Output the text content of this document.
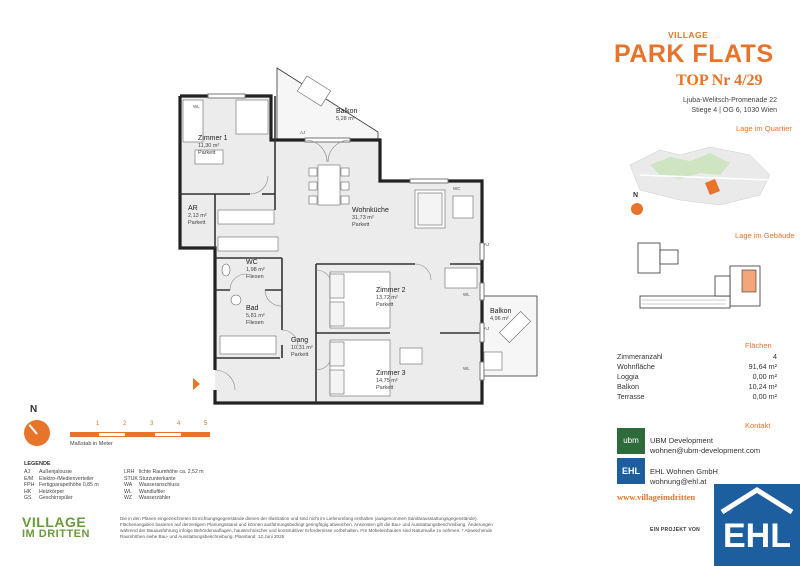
Zimmer 1
11,30 m²
Parkett
AR
2,13 m²
Parkett
Wohnküche
31,73 m²
Parkett
WC
1,98 m²
Fliesen
Bad
5,81 m²
Fliesen
Zimmer 2
13,72 m²
Parkett
Gang
10,31 m²
Parkett
Zimmer 3
14,75 m²
Parkett
Balkon
5,28 m²
Balkon
4,96 m²
WL
AJ
AJ
WL
AJ
WL
WC
N
1	2	3	4	5
Maßstab in Meter
LEGENDE
AJ	Außenjalousie
E/M	Elektro-/Medienverteiler
FPH Fertigparapethöhe 0,85 m
HK	Heizkörper
GS	Geschirrspüler
LRH lichte Raumhöhe ca. 2,52 m
STUK Sturzunterkante
WA	Wasseranschluss
WL	Wandluftler
WZ	Wasserzähler
VILLAGE
IM DRITTEN
Die in den Plänen eingezeichneten Einrichtungsgegenstände dienen der Illustration und sind nicht im Lieferumfang enthalten (ausgenommen Sanitärausstattungsgegenstände). Flächenangaben basieren auf derzeitigem Planungsstand und können ausführungsbedingt geringfügig abweichen. Ansonsten gilt die Bau- und Ausstattungsbeschreibung. Änderungen während der Bauausführung infolge Behördenauflagen, haustechnischer und konstruktiver Erfordernisse vorbehalten. Für Möbeleinbauten sind Naturmaße zu nehmen. * Abweichende Raumhöhen siehe Bau- und Ausstattungsbeschreibung. Planstand: 12.Juni 2025
VILLAGE
PARK FLATS
TOP Nr 4/29
Ljuba-Welitsch-Promenade 22
Stiege 4 | OG 6, 1030 Wien
Lage im Quartier
N
Lage im Gebäude
Flächen
Zimmeranzahl	4
Wohnfläche	91,64 m²
Loggia	0,00 m²
Balkon	10,24 m²
Terrasse	0,00 m²
Kontakt
ubm	UBM Development
wohnen@ubm-development.com
EHL	EHL Wohnen GmbH
wohnung@ehl.at
www.villageimdritten
EIN PROJEKT VON EHL
